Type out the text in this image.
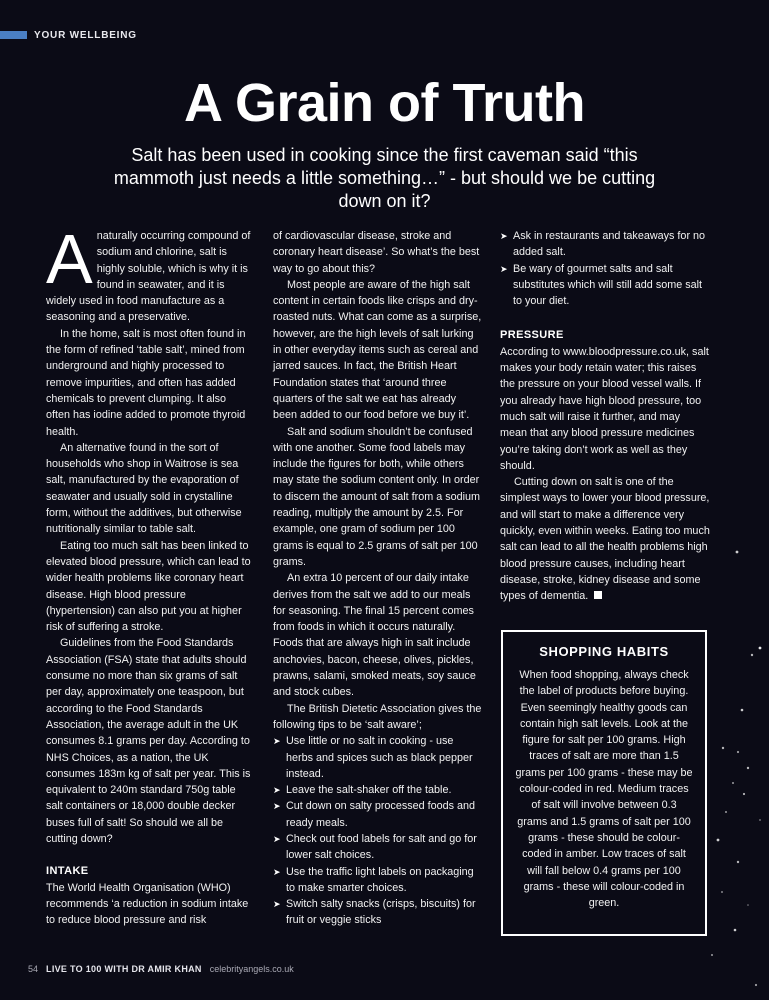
YOUR WELLBEING
A Grain of Truth
Salt has been used in cooking since the first caveman said “this mammoth just needs a little something…” - but should we be cutting down on it?

Anaturally occurring compound of sodium and chlorine, salt is highly soluble, which is why it is found in seawater, and it is widely used in food manufacture as a seasoning and a preservative.

In the home, salt is most often found in the form of refined ‘table salt’, mined from underground and highly processed to remove impurities, and often has added chemicals to prevent clumping. It also often has iodine added to promote thyroid health.

An alternative found in the sort of households who shop in Waitrose is sea salt, manufactured by the evaporation of seawater and usually sold in crystalline form, without the additives, but otherwise nutritionally similar to table salt.

Eating too much salt has been linked to elevated blood pressure, which can lead to wider health problems like coronary heart disease. High blood pressure (hypertension) can also put you at higher risk of suffering a stroke.

Guidelines from the Food Standards Association (FSA) state that adults should consume no more than six grams of salt per day, approximately one teaspoon, but according to the Food Standards Association, the average adult in the UK consumes 8.1 grams per day. According to NHS Choices, as a nation, the UK consumes 183m kg of salt per year. This is equivalent to 240m standard 750g table salt containers or 18,000 double decker buses full of salt! So should we all be cutting down?

INTAKE

The World Health Organisation (WHO) recommends ‘a reduction in sodium intake to reduce blood pressure and risk

of cardiovascular disease, stroke and coronary heart disease’. So what’s the best way to go about this?

Most people are aware of the high salt content in certain foods like crisps and dry-roasted nuts. What can come as a surprise, however, are the high levels of salt lurking in other everyday items such as cereal and jarred sauces. In fact, the British Heart Foundation states that ‘around three quarters of the salt we eat has already been added to our food before we buy it’.

Salt and sodium shouldn’t be confused with one another. Some food labels may include the figures for both, while others may state the sodium content only. In order to discern the amount of salt from a sodium reading, multiply the amount by 2.5. For example, one gram of sodium per 100 grams is equal to 2.5 grams of salt per 100 grams.

An extra 10 percent of our daily intake derives from the salt we add to our meals for seasoning. The final 15 percent comes from foods in which it occurs naturally. Foods that are always high in salt include anchovies, bacon, cheese, olives, pickles, prawns, salami, smoked meats, soy sauce and stock cubes.

The British Dietetic Association gives the following tips to be ‘salt aware’;

➤ Use little or no salt in cooking - use herbs and spices such as black pepper instead.
➤ Leave the salt-shaker off the table.
➤ Cut down on salty processed foods and ready meals.
➤ Check out food labels for salt and go for lower salt choices.
➤ Use the traffic light labels on packaging to make smarter choices.
➤ Switch salty snacks (crisps, biscuits) for fruit or veggie sticks
➤ Ask in restaurants and takeaways for no added salt.
➤ Be wary of gourmet salts and salt substitutes which will still add some salt to your diet.
PRESSURE

According to www.bloodpressure.co.uk, salt makes your body retain water; this raises the pressure on your blood vessel walls. If you already have high blood pressure, too much salt will raise it further, and may mean that any blood pressure medicines you’re taking don’t work as well as they should.

Cutting down on salt is one of the simplest ways to lower your blood pressure, and will start to make a difference very quickly, even within weeks. Eating too much salt can lead to all the health problems high blood pressure causes, including heart disease, stroke, kidney disease and some types of dementia.

SHOPPING HABITS
When food shopping, always check the label of products before buying. Even seemingly healthy goods can contain high salt levels. Look at the figure for salt per 100 grams. High traces of salt are more than 1.5 grams per 100 grams - these may be colour-coded in red. Medium traces of salt will involve between 0.3 grams and 1.5 grams of salt per 100 grams - these should be colour-coded in amber. Low traces of salt will fall below 0.4 grams per 100 grams - these will colour-coded in green.
54 LIVE TO 100 WITH DR AMIR KHAN celebrityangels.co.uk
